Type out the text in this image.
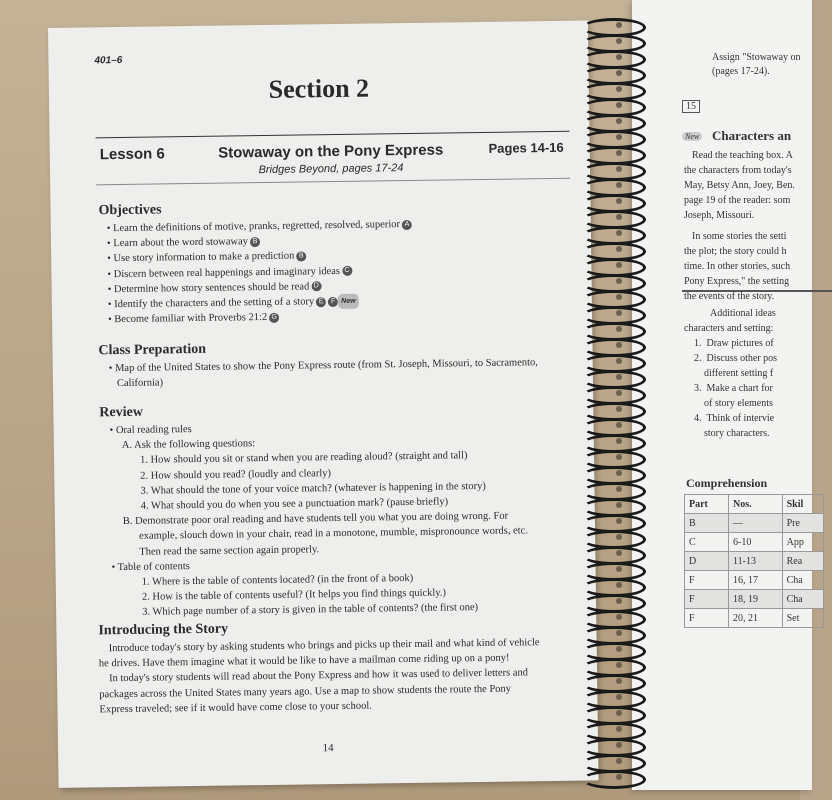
401–6
Section 2
Lesson 6	Stowaway on the Pony Express	Pages 14-16
Bridges Beyond, pages 17-24
Objectives
• Learn the definitions of motive, pranks, regretted, resolved, superior A
• Learn about the word stowaway B
• Use story information to make a prediction B
• Discern between real happenings and imaginary ideas C
• Determine how story sentences should be read D
• Identify the characters and the setting of a story E F New
• Become familiar with Proverbs 21:2 G
Class Preparation
• Map of the United States to show the Pony Express route (from St. Joseph, Missouri, to Sacramento,
California)
Review
• Oral reading rules
A. Ask the following questions:
1. How should you sit or stand when you are reading aloud? (straight and tall)
2. How should you read? (loudly and clearly)
3. What should the tone of your voice match? (whatever is happening in the story)
4. What should you do when you see a punctuation mark? (pause briefly)
B. Demonstrate poor oral reading and have students tell you what you are doing wrong. For
example, slouch down in your chair, read in a monotone, mumble, mispronounce words, etc.
Then read the same section again properly.
• Table of contents
1. Where is the table of contents located? (in the front of a book)
2. How is the table of contents useful? (It helps you find things quickly.)
3. Which page number of a story is given in the table of contents? (the first one)
Introducing the Story
Introduce today's story by asking students who brings and picks up their mail and what kind of vehicle
he drives. Have them imagine what it would be like to have a mailman come riding up on a pony!
In today's story students will read about the Pony Express and how it was used to deliver letters and
packages across the United States many years ago. Use a map to show students the route the Pony
Express traveled; see if it would have come close to your school.
14
Assign "Stowaway on
(pages 17-24).
15
New Characters an
Read the teaching box. A
the characters from today's
May, Betsy Ann, Joey, Ben.
page 19 of the reader: som
Joseph, Missouri.
In some stories the setti
the plot; the story could h
time. In other stories, such
Pony Express," the setting
the events of the story.
Additional ideas
characters and setting:
1.  Draw pictures of
2.  Discuss other pos
different setting f
3.  Make a chart for
of story elements
4.  Think of intervie
story characters.
Comprehension
Part	Nos.	Skil
B	—	Pre
C	6-10	App
D	11-13	Rea
F	16, 17	Cha
F	18, 19	Cha
F	20, 21	Set
